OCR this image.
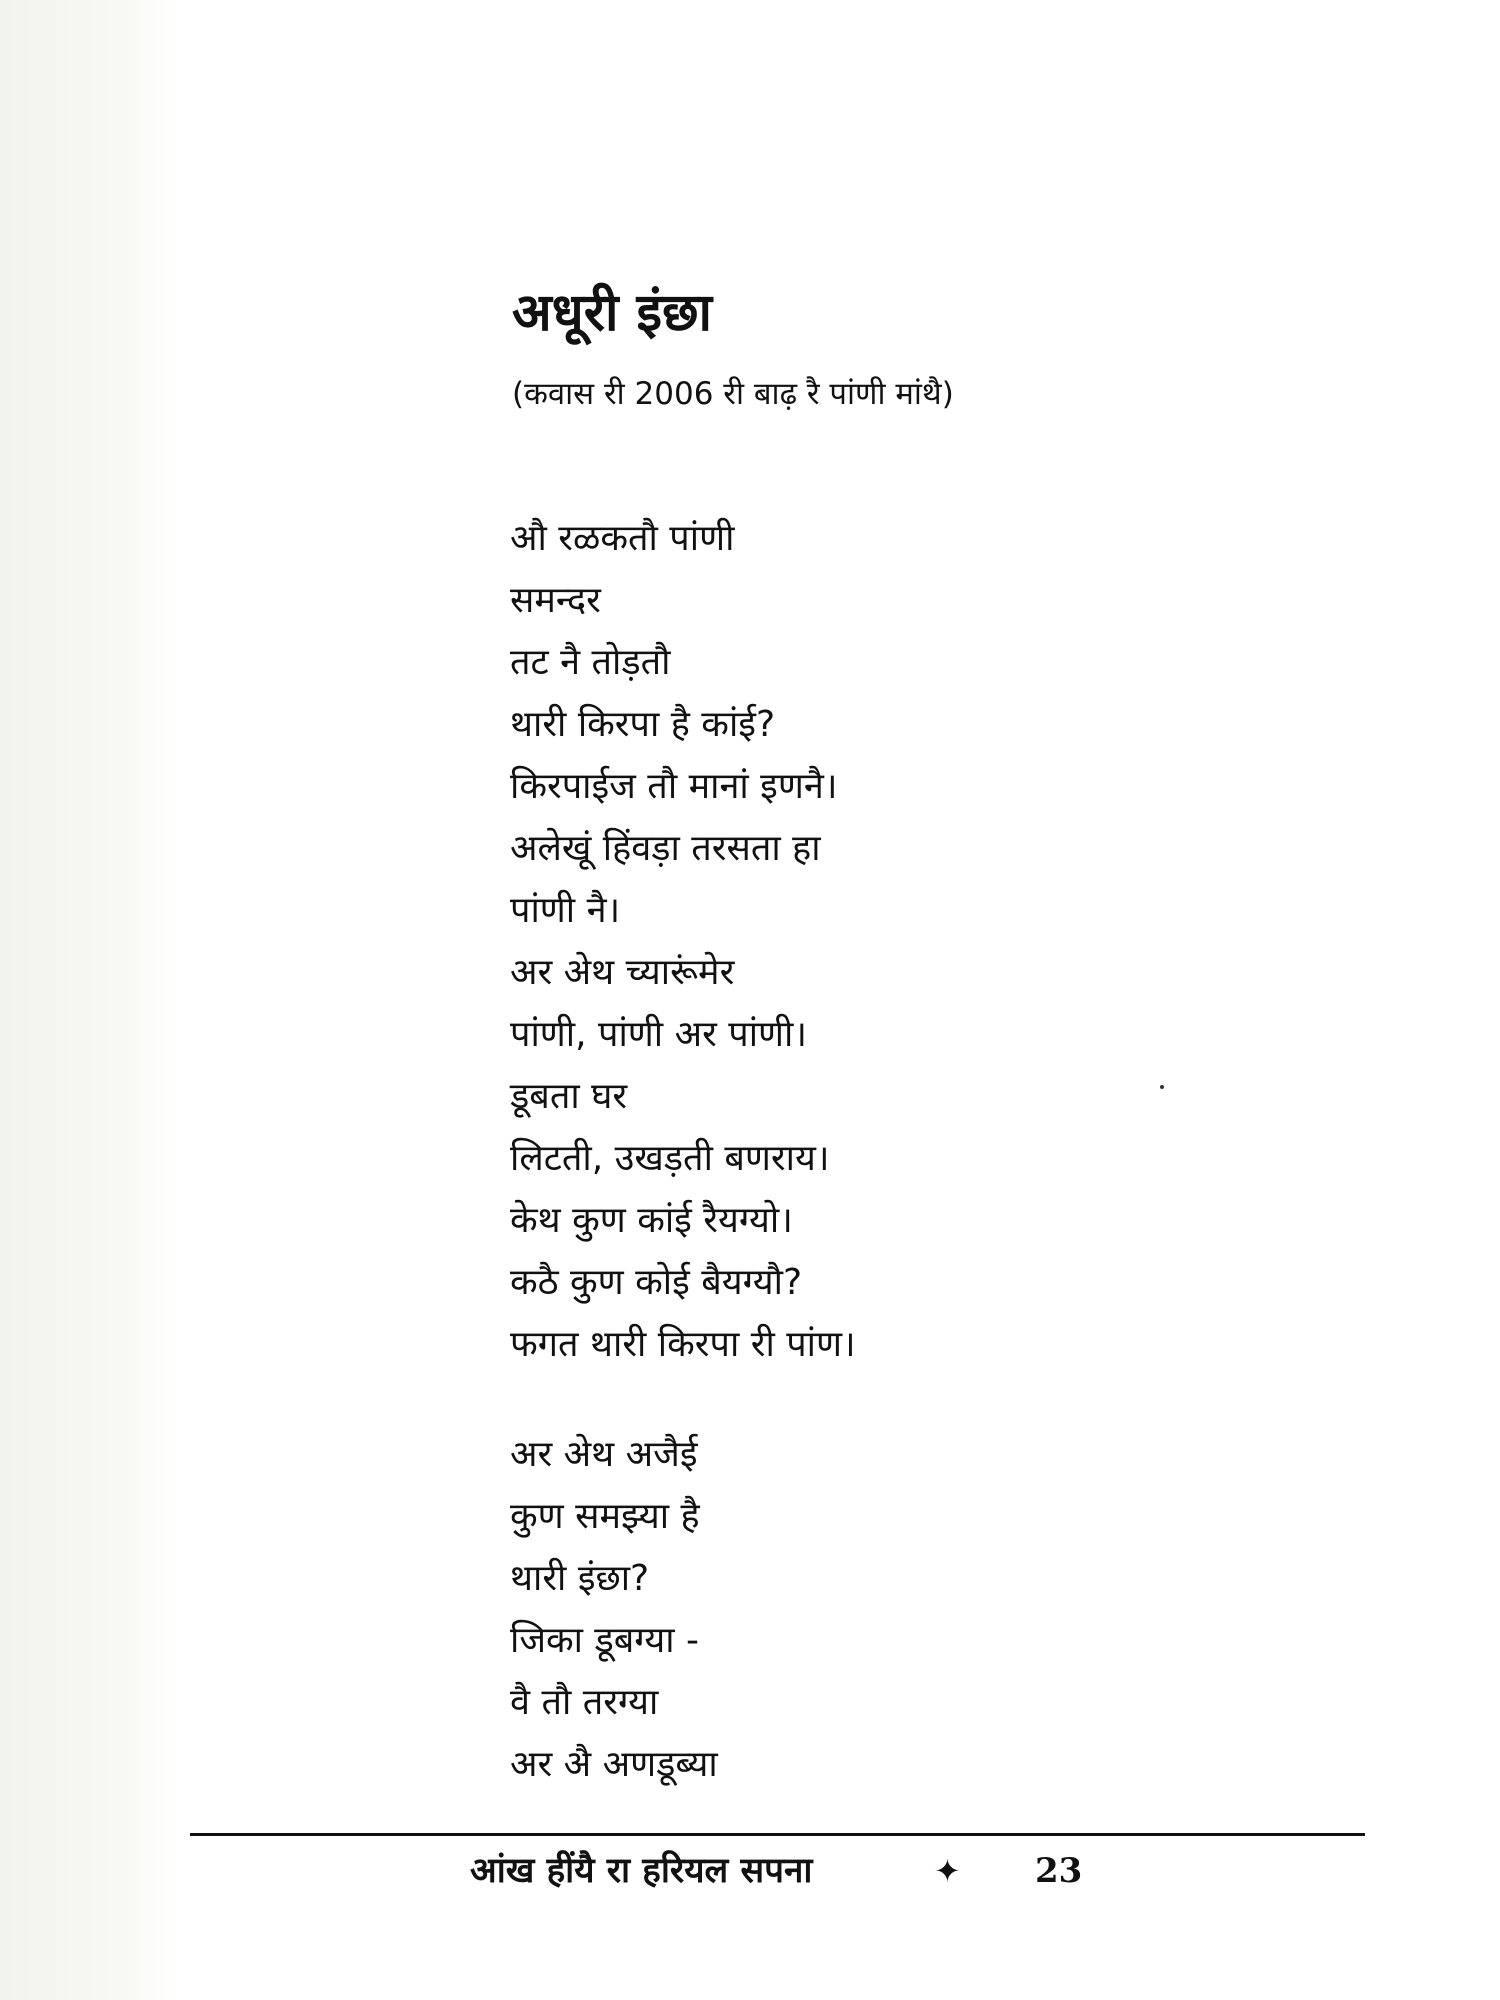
अधूरी इंछा

(कवास री 2006 री बाढ़ रै पांणी मांथै)

औ रळकतौ पांणी
समन्दर
तट नै तोड़तौ
थारी किरपा है कांई?
किरपाईज तौ मानां इणनै।
अलेखूं हिंवड़ा तरसता हा
पांणी नै।
अर अेथ च्यारूंमेर
पांणी, पांणी अर पांणी।
डूबता घर
लिटती, उखड़ती बणराय।
केथ कुण कांई रैयग्यो।
कठै कुण कोई बैयग्यौ?
फगत थारी किरपा री पांण।
अर अेथ अजैई
कुण समझ्या है
थारी इंछा?
जिका डूबग्या -
वै तौ तरग्या
अर अै अणडूब्या
आंख हींयै रा हरियल सपना	✦ 23
